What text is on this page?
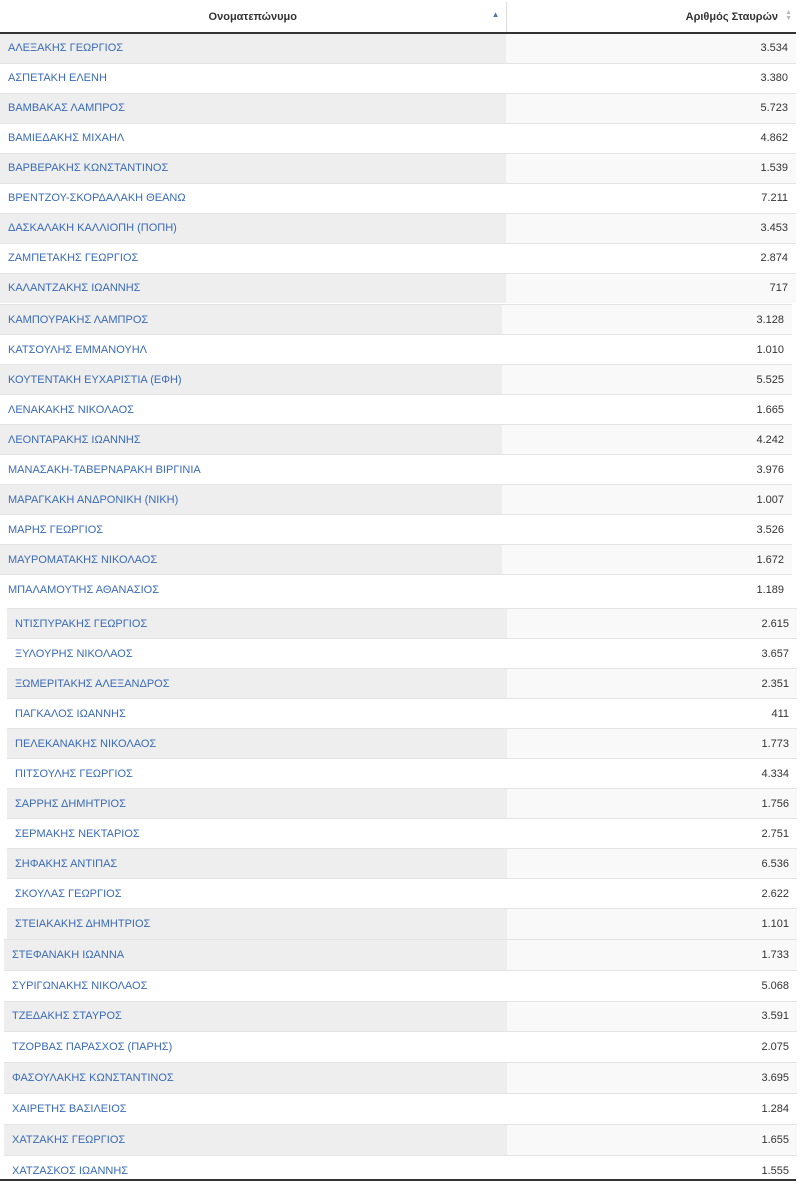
Ονοματεπώνυμο ▲	Αριθμός Σταυρών ▲
▼

ΑΛΕΞΑΚΗΣ ΓΕΩΡΓΙΟΣ	3.534
ΑΣΠΕΤΑΚΗ ΕΛΕΝΗ	3.380
ΒΑΜΒΑΚΑΣ ΛΑΜΠΡΟΣ	5.723
ΒΑΜΙΕΔΑΚΗΣ ΜΙΧΑΗΛ	4.862
ΒΑΡΒΕΡΑΚΗΣ ΚΩΝΣΤΑΝΤΙΝΟΣ	1.539
ΒΡΕΝΤΖΟΥ-ΣΚΟΡΔΑΛΑΚΗ ΘΕΑΝΩ	7.211
ΔΑΣΚΑΛΑΚΗ ΚΑΛΛΙΟΠΗ (ΠΟΠΗ)	3.453
ΖΑΜΠΕΤΑΚΗΣ ΓΕΩΡΓΙΟΣ	2.874
ΚΑΛΑΝΤΖΑΚΗΣ ΙΩΑΝΝΗΣ	717
ΚΑΜΠΟΥΡΑΚΗΣ ΛΑΜΠΡΟΣ	3.128
ΚΑΤΣΟΥΛΗΣ ΕΜΜΑΝΟΥΗΛ	1.010
ΚΟΥΤΕΝΤΑΚΗ ΕΥΧΑΡΙΣΤΙΑ (ΕΦΗ)	5.525
ΛΕΝΑΚΑΚΗΣ ΝΙΚΟΛΑΟΣ	1.665
ΛΕΟΝΤΑΡΑΚΗΣ ΙΩΑΝΝΗΣ	4.242
ΜΑΝΑΣΑΚΗ-ΤΑΒΕΡΝΑΡΑΚΗ ΒΙΡΓΙΝΙΑ	3.976
ΜΑΡΑΓΚΑΚΗ ΑΝΔΡΟΝΙΚΗ (ΝΙΚΗ)	1.007
ΜΑΡΗΣ ΓΕΩΡΓΙΟΣ	3.526
ΜΑΥΡΟΜΑΤΑΚΗΣ ΝΙΚΟΛΑΟΣ	1.672
ΜΠΑΛΑΜΟΥΤΗΣ ΑΘΑΝΑΣΙΟΣ	1.189
ΝΤΙΣΠΥΡΑΚΗΣ ΓΕΩΡΓΙΟΣ	2.615
ΞΥΛΟΥΡΗΣ ΝΙΚΟΛΑΟΣ	3.657
ΞΩΜΕΡΙΤΑΚΗΣ ΑΛΕΞΑΝΔΡΟΣ	2.351
ΠΑΓΚΑΛΟΣ ΙΩΑΝΝΗΣ	411
ΠΕΛΕΚΑΝΑΚΗΣ ΝΙΚΟΛΑΟΣ	1.773
ΠΙΤΣΟΥΛΗΣ ΓΕΩΡΓΙΟΣ	4.334
ΣΑΡΡΗΣ ΔΗΜΗΤΡΙΟΣ	1.756
ΣΕΡΜΑΚΗΣ ΝΕΚΤΑΡΙΟΣ	2.751
ΣΗΦΑΚΗΣ ΑΝΤΙΠΑΣ	6.536
ΣΚΟΥΛΑΣ ΓΕΩΡΓΙΟΣ	2.622
ΣΤΕΙΑΚΑΚΗΣ ΔΗΜΗΤΡΙΟΣ	1.101
ΣΤΕΦΑΝΑΚΗ ΙΩΑΝΝΑ	1.733
ΣΥΡΙΓΩΝΑΚΗΣ ΝΙΚΟΛΑΟΣ	5.068
ΤΖΕΔΑΚΗΣ ΣΤΑΥΡΟΣ	3.591
ΤΖΟΡΒΑΣ ΠΑΡΑΣΧΟΣ (ΠΑΡΗΣ)	2.075
ΦΑΣΟΥΛΑΚΗΣ ΚΩΝΣΤΑΝΤΙΝΟΣ	3.695
ΧΑΙΡΕΤΗΣ ΒΑΣΙΛΕΙΟΣ	1.284
ΧΑΤΖΑΚΗΣ ΓΕΩΡΓΙΟΣ	1.655
ΧΑΤΖΑΣΚΟΣ ΙΩΑΝΝΗΣ	1.555
